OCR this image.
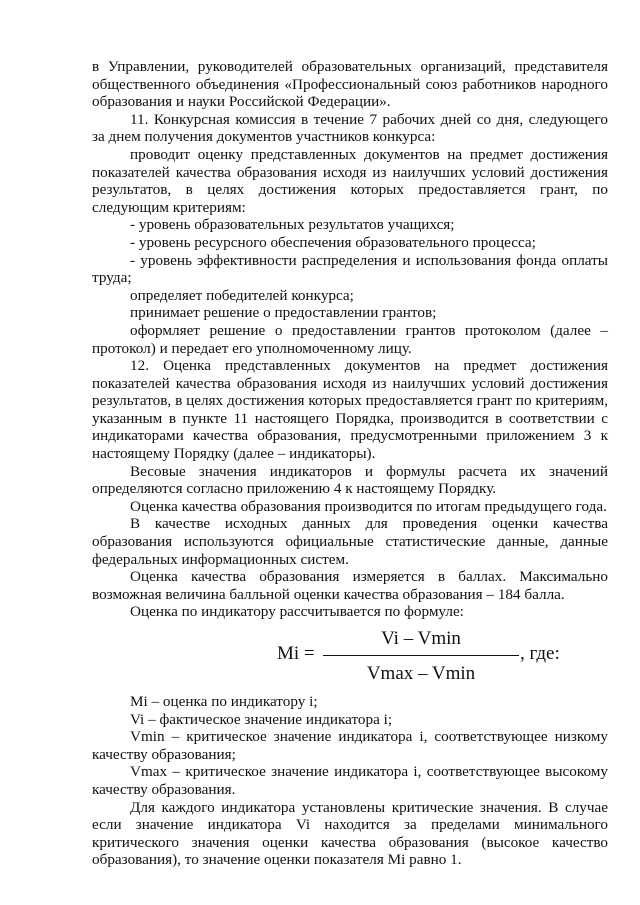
в Управлении, руководителей образовательных организаций, представителя общественного объединения «Профессиональный союз работников народного образования и науки Российской Федерации».

11. Конкурсная комиссия в течение 7 рабочих дней со дня, следующего за днем получения документов участников конкурса:

проводит оценку представленных документов на предмет достижения показателей качества образования исходя из наилучших условий достижения результатов, в целях достижения которых предоставляется грант, по следующим критериям:

- уровень образовательных результатов учащихся;

- уровень ресурсного обеспечения образовательного процесса;

- уровень эффективности распределения и использования фонда оплаты труда;

определяет победителей конкурса;

принимает решение о предоставлении грантов;

оформляет решение о предоставлении грантов протоколом (далее – протокол) и передает его уполномоченному лицу.

12. Оценка представленных документов на предмет достижения показателей качества образования исходя из наилучших условий достижения результатов, в целях достижения которых предоставляется грант по критериям, указанным в пункте 11 настоящего Порядка, производится в соответствии с индикаторами качества образования, предусмотренными приложением 3 к настоящему Порядку (далее – индикаторы).

Весовые значения индикаторов и формулы расчета их значений определяются согласно приложению 4 к настоящему Порядку.

Оценка качества образования производится по итогам предыдущего года.

В качестве исходных данных для проведения оценки качества образования используются официальные статистические данные, данные федеральных информационных систем.

Оценка качества образования измеряется в баллах. Максимально возможная величина балльной оценки качества образования – 184 балла.

Оценка по индикатору рассчитывается по формуле:

Mi =
Vi – Vmin
Vmax – Vmin
, где:

Mi – оценка по индикатору i;

Vi – фактическое значение индикатора i;

Vmin – критическое значение индикатора i, соответствующее низкому качеству образования;

Vmax – критическое значение индикатора i, соответствующее высокому качеству образования.

Для каждого индикатора установлены критические значения. В случае если значение индикатора Vi находится за пределами минимального критического значения оценки качества образования (высокое качество образования), то значение оценки показателя Mi равно 1.
